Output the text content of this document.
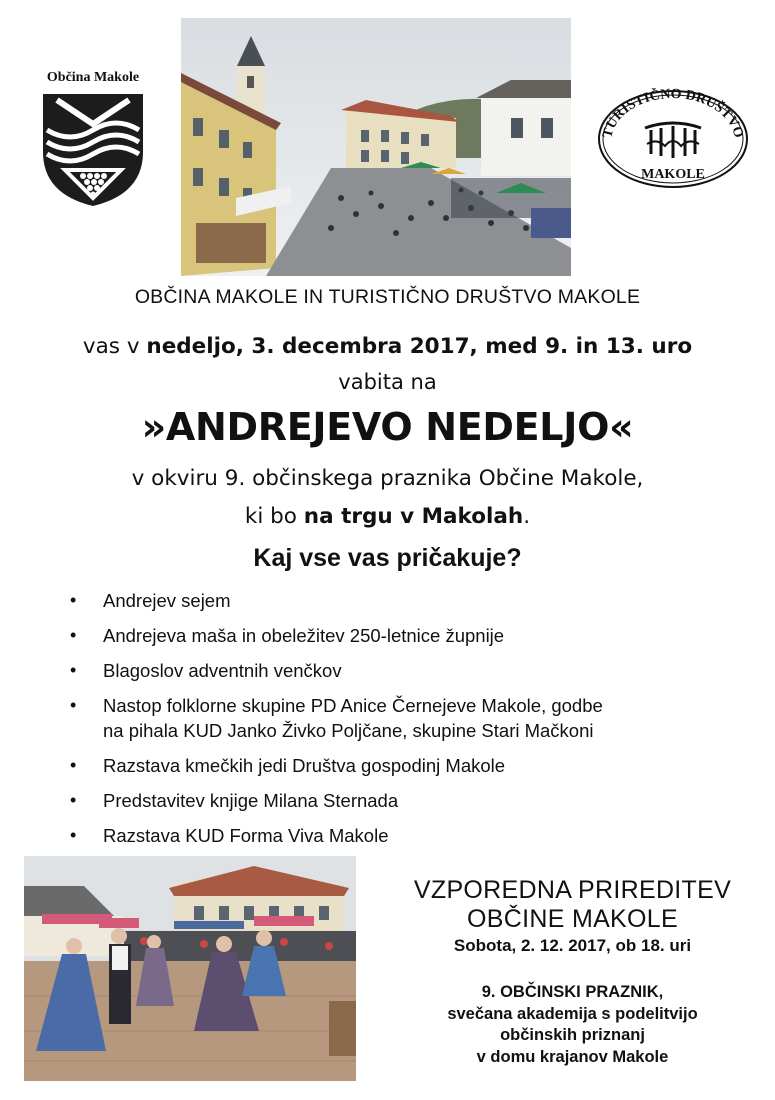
Občina Makole
TURISTIČNO DRUŠTVO
MAKOLE
OBČINA MAKOLE IN TURISTIČNO DRUŠTVO MAKOLE
vas v nedeljo, 3. decembra 2017, med 9. in 13. uro
vabita na
»ANDREJEVO NEDELJO«
v okviru 9. občinskega praznika Občine Makole,
ki bo na trgu v Makolah.
Kaj vse vas pričakuje?
• Andrejev sejem
• Andrejeva maša in obeležitev 250-letnice župnije
• Blagoslov adventnih venčkov
• Nastop folklorne skupine PD Anice Černejeve Makole, godbe
na pihala KUD Janko Živko Poljčane, skupine Stari Mačkoni
• Razstava kmečkih jedi Društva gospodinj Makole
• Predstavitev knjige Milana Sternada
• Razstava KUD Forma Viva Makole
VZPOREDNA PRIREDITEV
OBČINE MAKOLE
Sobota, 2. 12. 2017, ob 18. uri
9. OBČINSKI PRAZNIK,
svečana akademija s podelitvijo
občinskih priznanj
v domu krajanov Makole
